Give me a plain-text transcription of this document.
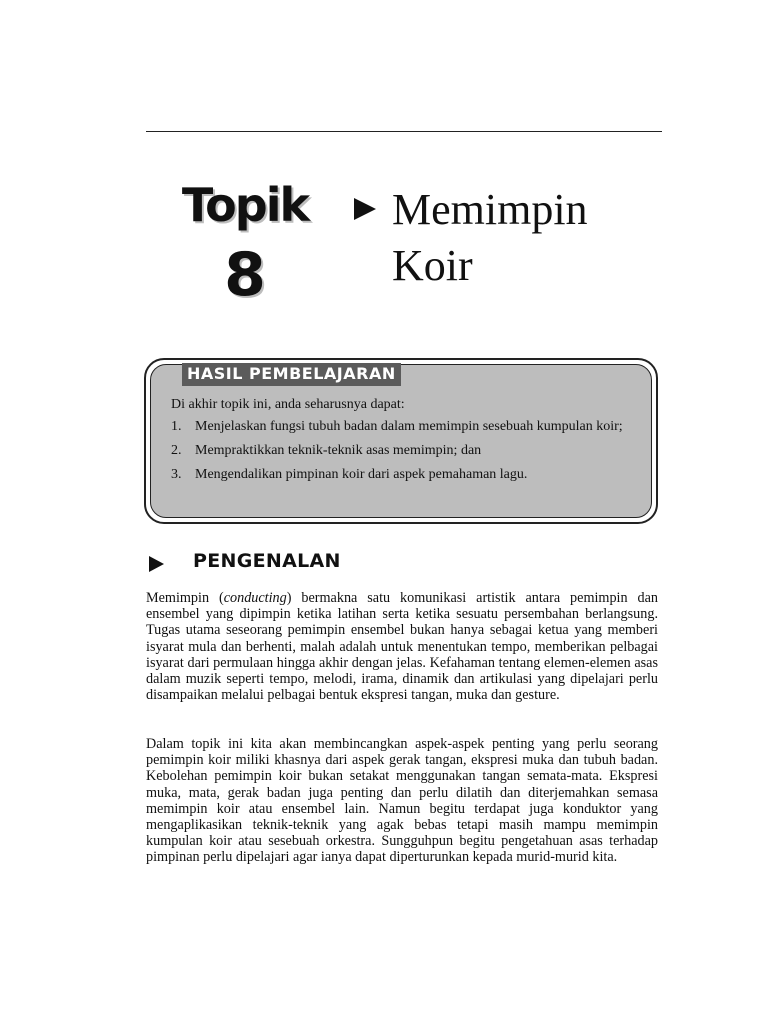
Topik
8
Memimpin
Koir
HASIL PEMBELAJARAN
Di akhir topik ini, anda seharusnya dapat:
1. Menjelaskan fungsi tubuh badan dalam memimpin sesebuah kumpulan koir;
2. Mempraktikkan teknik-teknik asas memimpin; dan
3. Mengendalikan pimpinan koir dari aspek pemahaman lagu.
PENGENALAN

Memimpin (conducting) bermakna satu komunikasi artistik antara pemimpin dan ensembel yang dipimpin ketika latihan serta ketika sesuatu persembahan berlangsung. Tugas utama seseorang pemimpin ensembel bukan hanya sebagai ketua yang memberi isyarat mula dan berhenti, malah adalah untuk menentukan tempo, memberikan pelbagai isyarat dari permulaan hingga akhir dengan jelas. Kefahaman tentang elemen-elemen asas dalam muzik seperti tempo, melodi, irama, dinamik dan artikulasi yang dipelajari perlu disampaikan melalui pelbagai bentuk ekspresi tangan, muka dan gesture.

Dalam topik ini kita akan membincangkan aspek-aspek penting yang perlu seorang pemimpin koir miliki khasnya dari aspek gerak tangan, ekspresi muka dan tubuh badan. Kebolehan pemimpin koir bukan setakat menggunakan tangan semata-mata. Ekspresi muka, mata, gerak badan juga penting dan perlu dilatih dan diterjemahkan semasa memimpin koir atau ensembel lain. Namun begitu terdapat juga konduktor yang mengaplikasikan teknik-teknik yang agak bebas tetapi masih mampu memimpin kumpulan koir atau sesebuah orkestra. Sungguhpun begitu pengetahuan asas terhadap pimpinan perlu dipelajari agar ianya dapat diperturunkan kepada murid-murid kita.
